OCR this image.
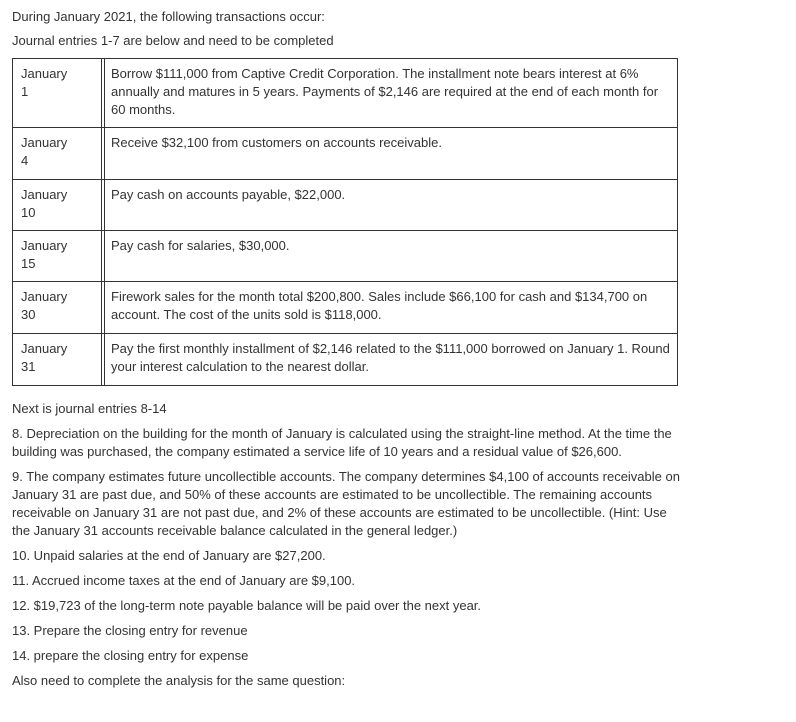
During January 2021, the following transactions occur:
Journal entries 1-7 are below and need to be completed
January
1		Borrow $111,000 from Captive Credit Corporation. The installment note bears interest at 6% annually and matures in 5 years. Payments of $2,146 are required at the end of each month for 60 months.
January
4		Receive $32,100 from customers on accounts receivable.
January
10		Pay cash on accounts payable, $22,000.
January
15		Pay cash for salaries, $30,000.
January
30		Firework sales for the month total $200,800. Sales include $66,100 for cash and $134,700 on account. The cost of the units sold is $118,000.
January
31		Pay the first monthly installment of $2,146 related to the $111,000 borrowed on January 1. Round your interest calculation to the nearest dollar.

Next is journal entries 8-14

8. Depreciation on the building for the month of January is calculated using the straight-line method. At the time the building was purchased, the company estimated a service life of 10 years and a residual value of $26,600.

9. The company estimates future uncollectible accounts. The company determines $4,100 of accounts receivable on January 31 are past due, and 50% of these accounts are estimated to be uncollectible. The remaining accounts receivable on January 31 are not past due, and 2% of these accounts are estimated to be uncollectible. (Hint: Use the January 31 accounts receivable balance calculated in the general ledger.)

10. Unpaid salaries at the end of January are $27,200.

11. Accrued income taxes at the end of January are $9,100.

12. $19,723 of the long-term note payable balance will be paid over the next year.

13. Prepare the closing entry for revenue

14. prepare the closing entry for expense

Also need to complete the analysis for the same question:
